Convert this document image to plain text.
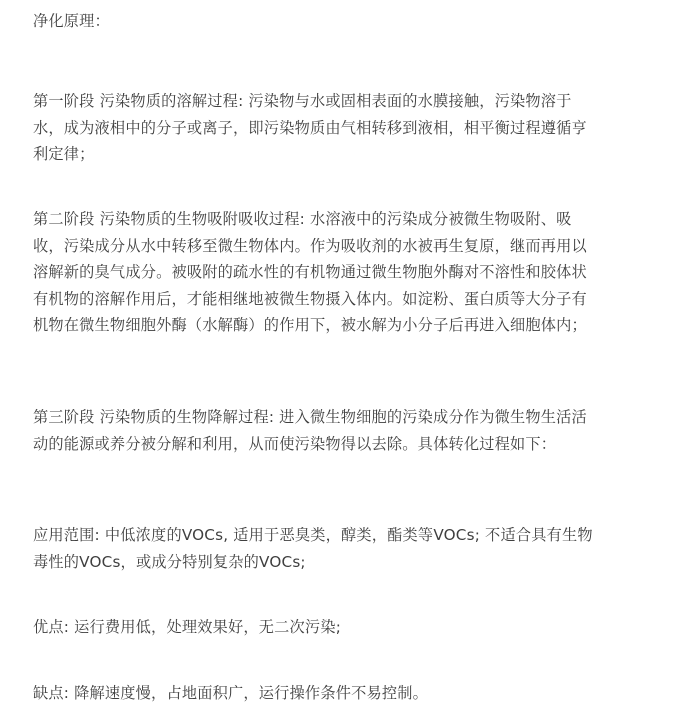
净化原理：

第一阶段 污染物质的溶解过程: 污染物与水或固相表面的水膜接触，污染物溶于
水，成为液相中的分子或离子，即污染物质由气相转移到液相，相平衡过程遵循亨
利定律；

第二阶段 污染物质的生物吸附吸收过程: 水溶液中的污染成分被微生物吸附、吸
收，污染成分从水中转移至微生物体内。作为吸收剂的水被再生复原，继而再用以
溶解新的臭气成分。被吸附的疏水性的有机物通过微生物胞外酶对不溶性和胶体状
有机物的溶解作用后，才能相继地被微生物摄入体内。如淀粉、蛋白质等大分子有
机物在微生物细胞外酶（水解酶）的作用下，被水解为小分子后再进入细胞体内；

第三阶段 污染物质的生物降解过程: 进入微生物细胞的污染成分作为微生物生活活
动的能源或养分被分解和利用，从而使污染物得以去除。具体转化过程如下：

应用范围: 中低浓度的VOCs, 适用于恶臭类，醇类，酯类等VOCs; 不适合具有生物
毒性的VOCs，或成分特别复杂的VOCs;

优点: 运行费用低，处理效果好，无二次污染;

缺点: 降解速度慢，占地面积广，运行操作条件不易控制。
